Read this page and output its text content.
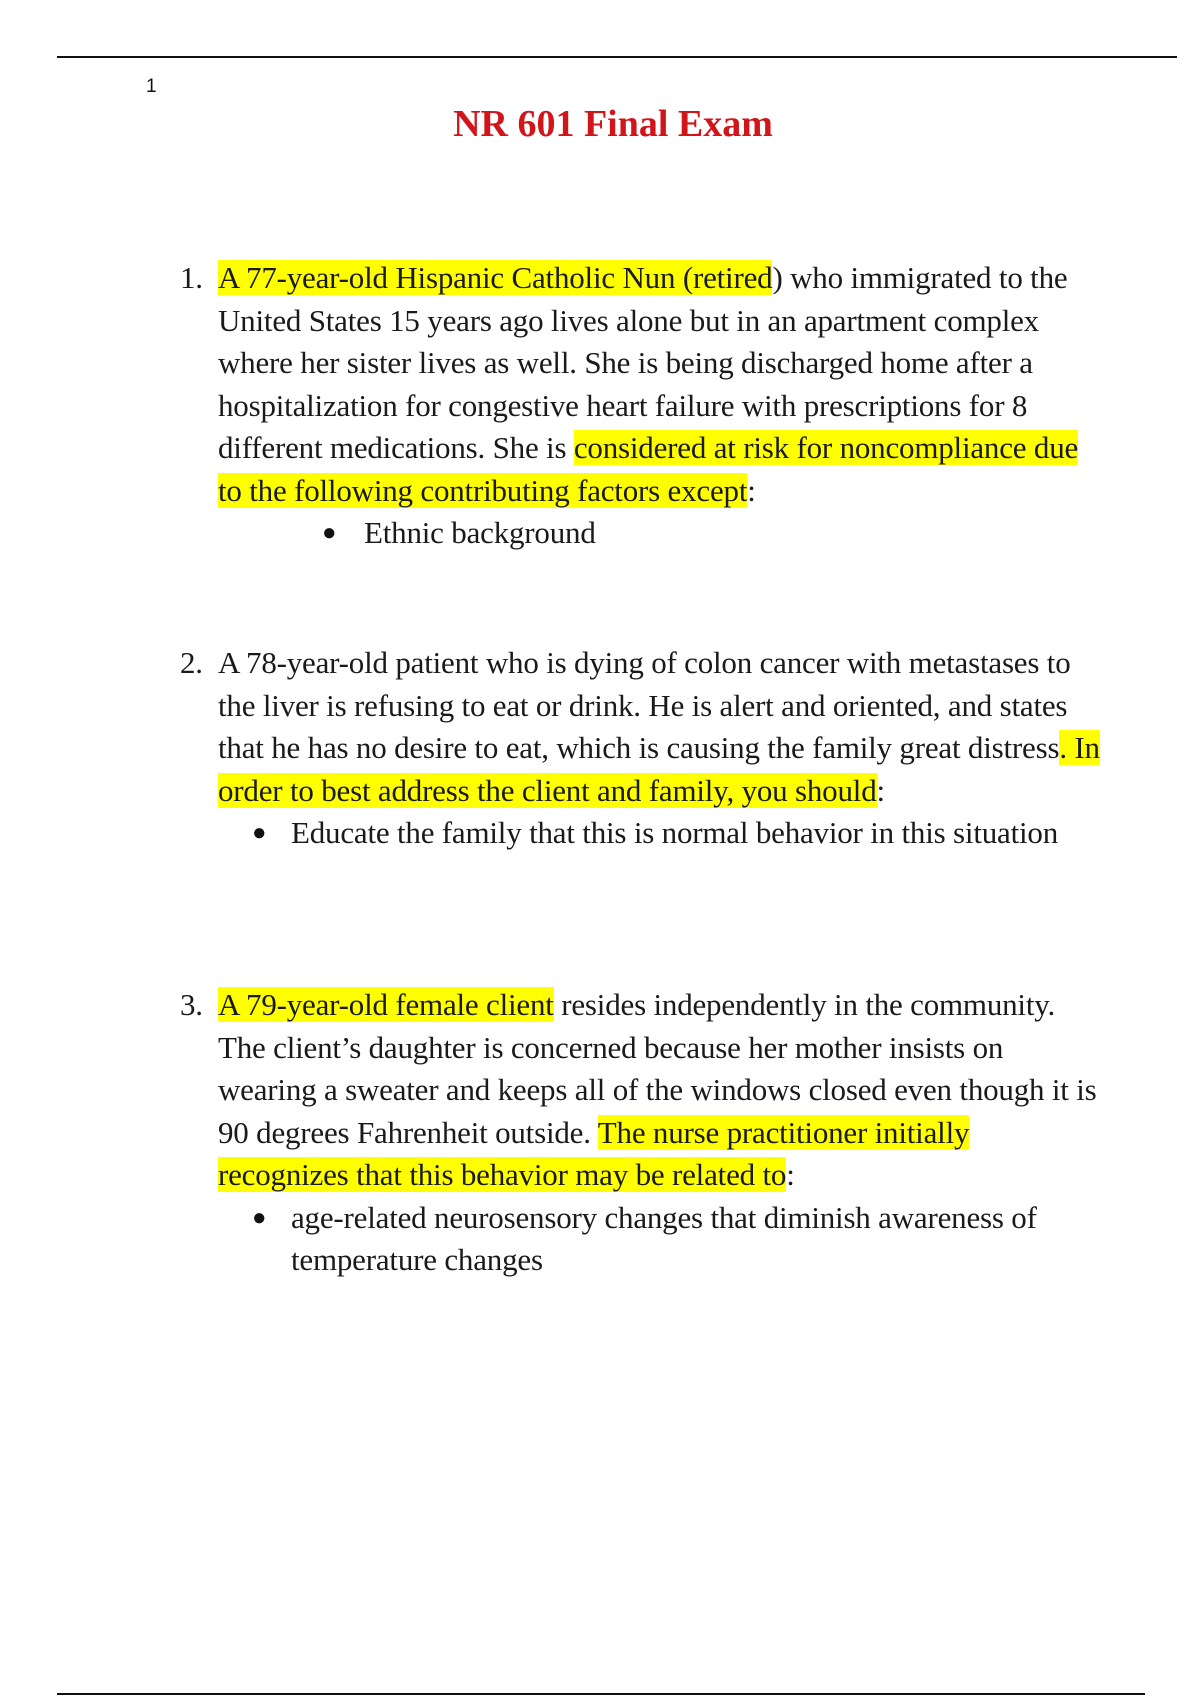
1
NR 601 Final Exam
1. A 77-year-old Hispanic Catholic Nun (retired) who immigrated to the United States 15 years ago lives alone but in an apartment complex where her sister lives as well. She is being discharged home after a hospitalization for congestive heart failure with prescriptions for 8 different medications. She is considered at risk for noncompliance due to the following contributing factors except:
● Ethnic background
2. A 78-year-old patient who is dying of colon cancer with metastases to the liver is refusing to eat or drink. He is alert and oriented, and states that he has no desire to eat, which is causing the family great distress. In order to best address the client and family, you should:
● Educate the family that this is normal behavior in this situation
3. A 79-year-old female client resides independently in the community. The client’s daughter is concerned because her mother insists on wearing a sweater and keeps all of the windows closed even though it is 90 degrees Fahrenheit outside. The nurse practitioner initially recognizes that this behavior may be related to:
● age-related neurosensory changes that diminish awareness of temperature changes
